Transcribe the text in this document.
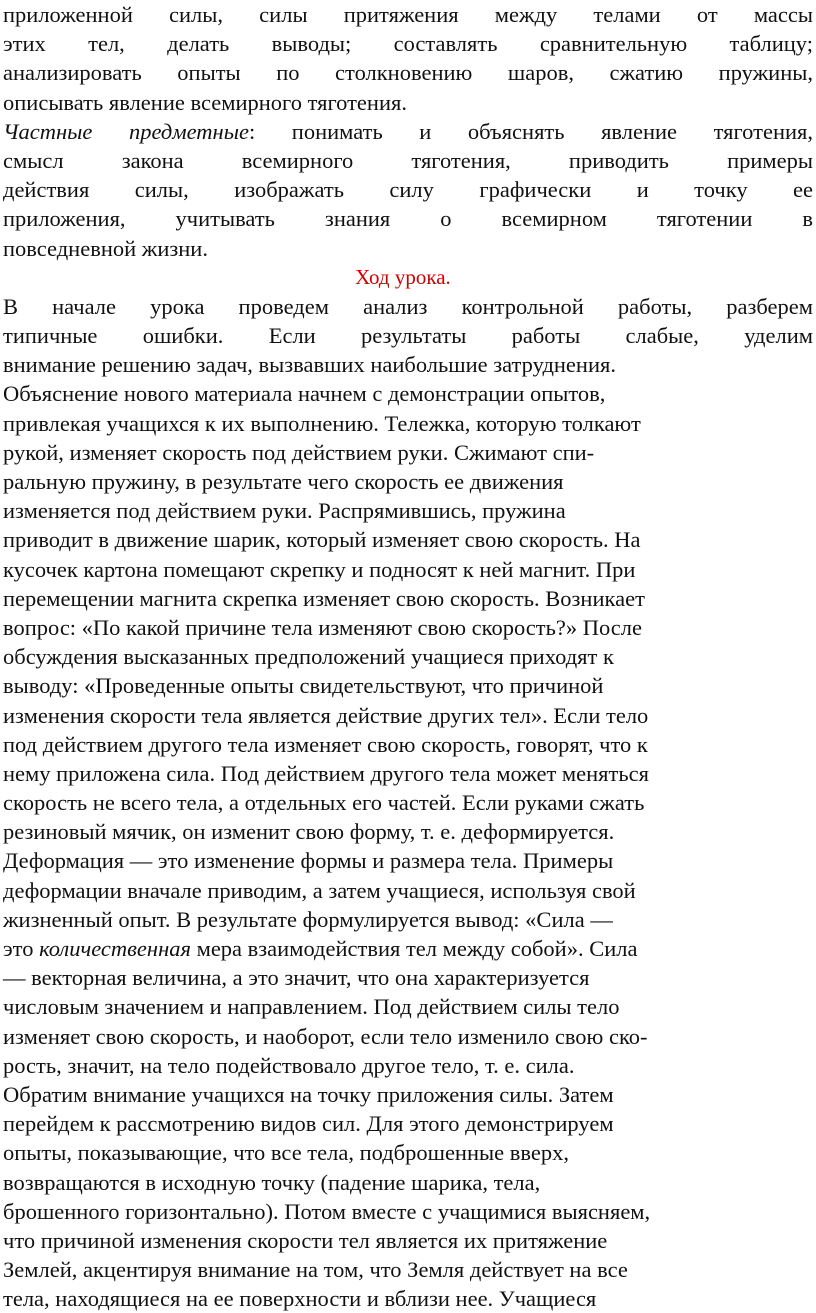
приложенной силы, силы притяжения между телами от массы
этих тел, делать выводы; составлять сравнительную таблицу;
анализировать опыты по столкновению шаров, сжатию пружины,
описывать явление всемирного тяготения.
Частные предметные: понимать и объяснять явление тяготения,
смысл закона всемирного тяготения, приводить примеры
действия силы, изображать силу графически и точку ее
приложения, учитывать знания о всемирном тяготении в
повседневной жизни.
Ход урока.
В начале урока проведем анализ контрольной работы, разберем
типичные ошибки. Если результаты работы слабые, уделим
внимание решению задач, вызвавших наибольшие затруднения.
Объяснение нового материала начнем с демонстрации опытов,
привлекая учащихся к их выполнению. Тележка, которую толкают
рукой, изменяет скорость под действием руки. Сжимают спи-
ральную пружину, в результате чего скорость ее движения
изменяется под действием руки. Распрямившись, пружина
приводит в движение шарик, который изменяет свою скорость. На
кусочек картона помещают скрепку и подносят к ней магнит. При
перемещении магнита скрепка изменяет свою скорость. Возникает
вопрос: «По какой причине тела изменяют свою скорость?» После
обсуждения высказанных предположений учащиеся приходят к
выводу: «Проведенные опыты свидетельствуют, что причиной
изменения скорости тела является действие других тел». Если тело
под действием другого тела изменяет свою скорость, говорят, что к
нему приложена сила. Под действием другого тела может меняться
скорость не всего тела, а отдельных его частей. Если руками сжать
резиновый мячик, он изменит свою форму, т. е. деформируется.
Деформация — это изменение формы и размера тела. Примеры
деформации вначале приводим, а затем учащиеся, используя свой
жизненный опыт. В результате формулируется вывод: «Сила —
это количественная мера взаимодействия тел между собой». Сила
— векторная величина, а это значит, что она характеризуется
числовым значением и направлением. Под действием силы тело
изменяет свою скорость, и наоборот, если тело изменило свою ско-
рость, значит, на тело подействовало другое тело, т. е. сила.
Обратим внимание учащихся на точку приложения силы. Затем
перейдем к рассмотрению видов сил. Для этого демонстрируем
опыты, показывающие, что все тела, подброшенные вверх,
возвращаются в исходную точку (падение шарика, тела,
брошенного горизонтально). Потом вместе с учащимися выясняем,
что причиной изменения скорости тел является их притяжение
Землей, акцентируя внимание на том, что Земля действует на все
тела, находящиеся на ее поверхности и вблизи нее. Учащиеся
